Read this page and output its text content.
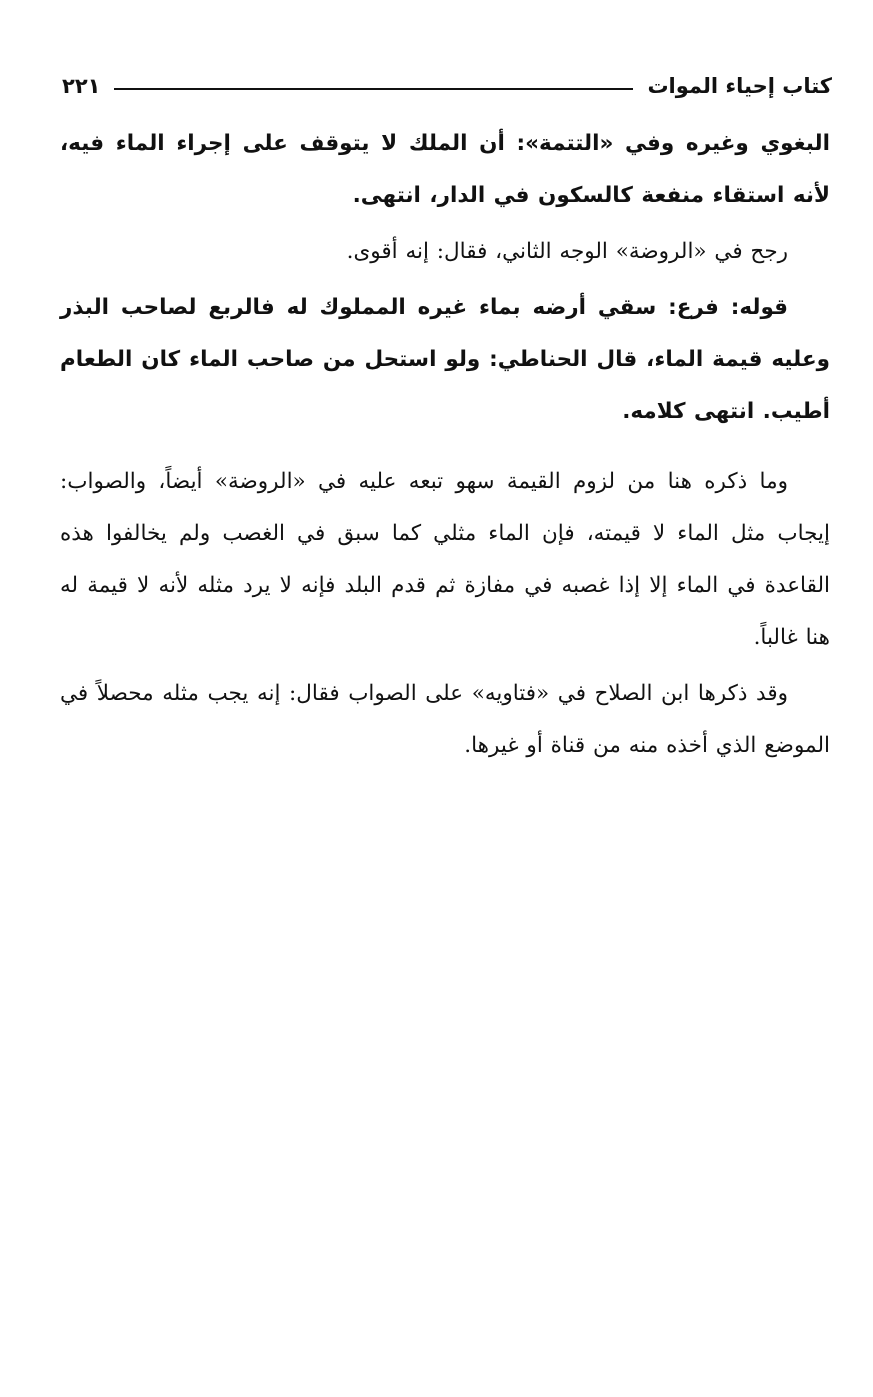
كتاب إحياء الموات
٢٢١

البغوي وغيره وفي «التتمة»: أن الملك لا يتوقف على إجراء الماء فيه، لأنه استقاء منفعة كالسكون في الدار، انتهى.

رجح في «الروضة» الوجه الثاني، فقال: إنه أقوى.

قوله: فرع: سقي أرضه بماء غيره المملوك له فالربع لصاحب البذر وعليه قيمة الماء، قال الحناطي: ولو استحل من صاحب الماء كان الطعام أطيب. انتهى كلامه.

وما ذكره هنا من لزوم القيمة سهو تبعه عليه في «الروضة» أيضاً، والصواب: إيجاب مثل الماء لا قيمته، فإن الماء مثلي كما سبق في الغصب ولم يخالفوا هذه القاعدة في الماء إلا إذا غصبه في مفازة ثم قدم البلد فإنه لا يرد مثله لأنه لا قيمة له هنا غالباً.

وقد ذكرها ابن الصلاح في «فتاويه» على الصواب فقال: إنه يجب مثله محصلاً في الموضع الذي أخذه منه من قناة أو غيرها.
